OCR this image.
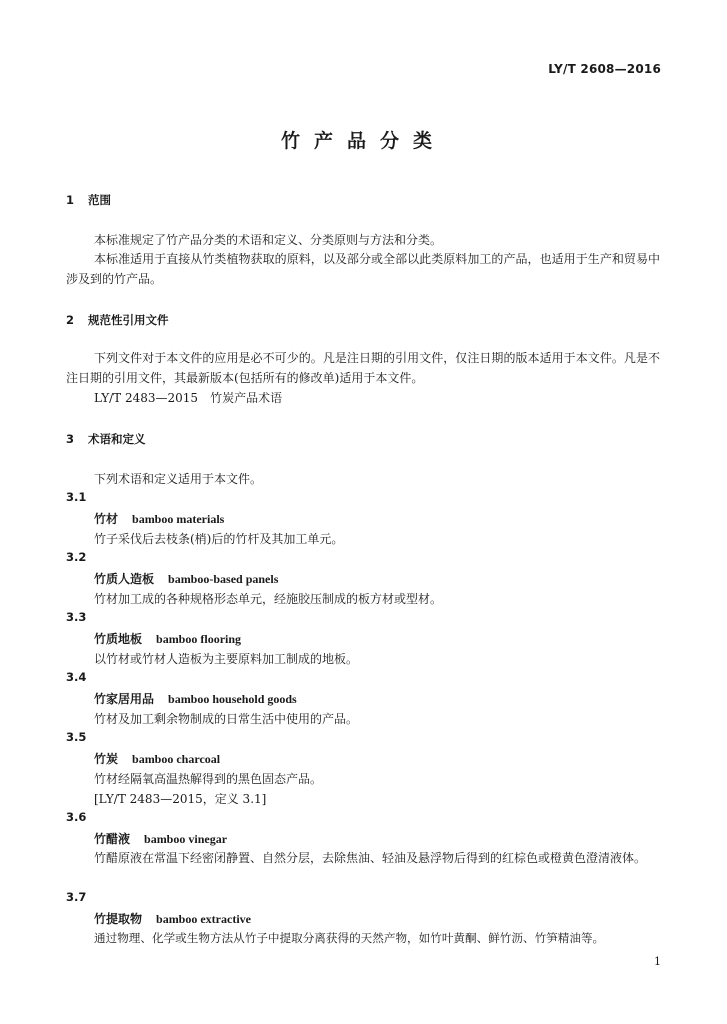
LY/T 2608—2016
竹产品分类
1 范围
本标准规定了竹产品分类的术语和定义、分类原则与方法和分类。
本标准适用于直接从竹类植物获取的原料，以及部分或全部以此类原料加工的产品，也适用于生产和贸易中涉及到的竹产品。
2 规范性引用文件
下列文件对于本文件的应用是必不可少的。凡是注日期的引用文件，仅注日期的版本适用于本文件。凡是不注日期的引用文件，其最新版本(包括所有的修改单)适用于本文件。
LY/T 2483—2015　竹炭产品术语
3 术语和定义
下列术语和定义适用于本文件。
3.1
竹材 bamboo materials
竹子采伐后去枝条(梢)后的竹杆及其加工单元。
3.2
竹质人造板 bamboo-based panels
竹材加工成的各种规格形态单元，经施胶压制成的板方材或型材。
3.3
竹质地板 bamboo flooring
以竹材或竹材人造板为主要原料加工制成的地板。
3.4
竹家居用品 bamboo household goods
竹材及加工剩余物制成的日常生活中使用的产品。
3.5
竹炭 bamboo charcoal
竹材经隔氧高温热解得到的黑色固态产品。
[LY/T 2483—2015，定义 3.1]
3.6
竹醋液 bamboo vinegar
竹醋原液在常温下经密闭静置、自然分层，去除焦油、轻油及悬浮物后得到的红棕色或橙黄色澄清液体。
3.7
竹提取物 bamboo extractive
通过物理、化学或生物方法从竹子中提取分离获得的天然产物，如竹叶黄酮、鲜竹沥、竹笋精油等。
1
